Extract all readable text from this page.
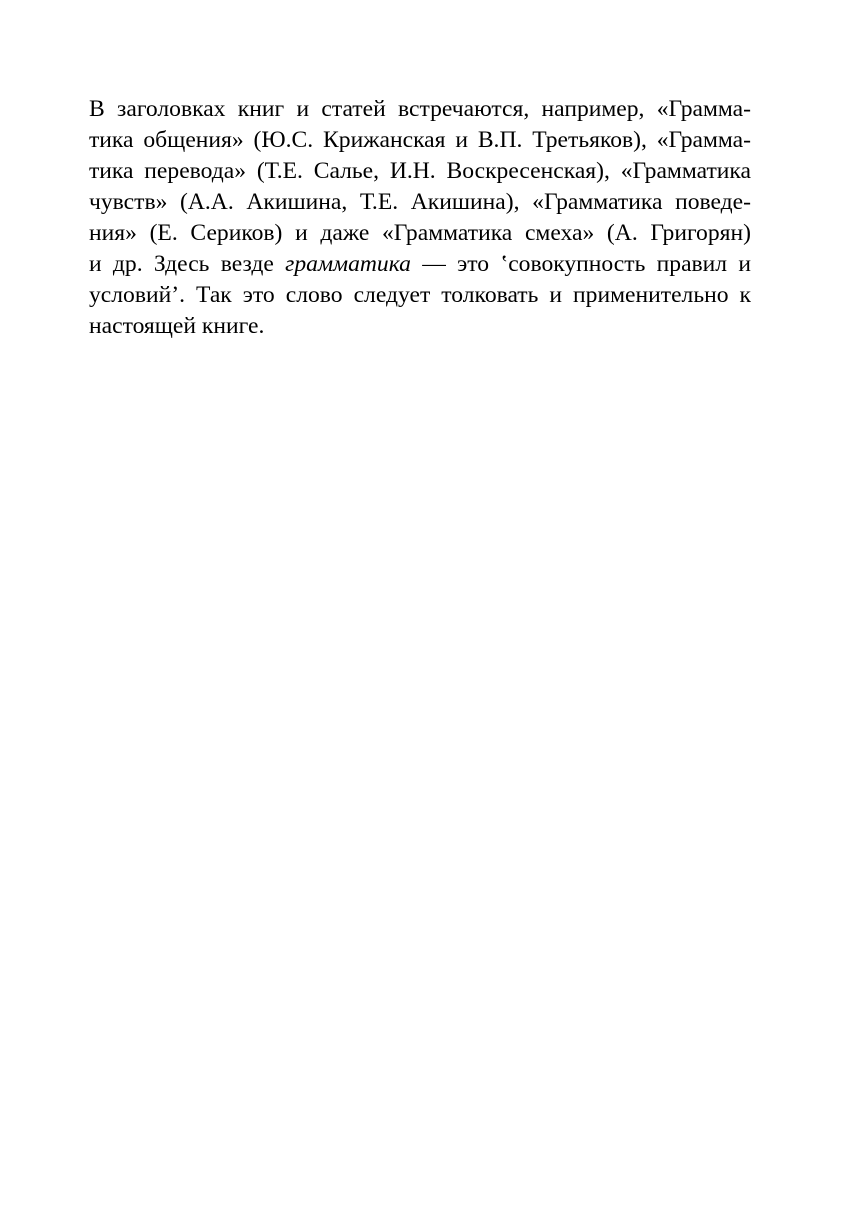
В заголовках книг и статей встречаются, например, «Грамма-
тика общения» (Ю.С. Крижанская и В.П. Третьяков), «Грамма-
тика перевода» (Т.Е. Салье, И.Н. Воскресенская), «Грамматика
чувств» (А.А. Акишина, Т.Е. Акишина), «Грамматика поведе-
ния» (Е. Сериков) и даже «Грамматика смеха» (А. Григорян)
и др. Здесь везде грамматика — это ʽсовокупность правил и
условий’. Так это слово следует толковать и применительно к
настоящей книге.
